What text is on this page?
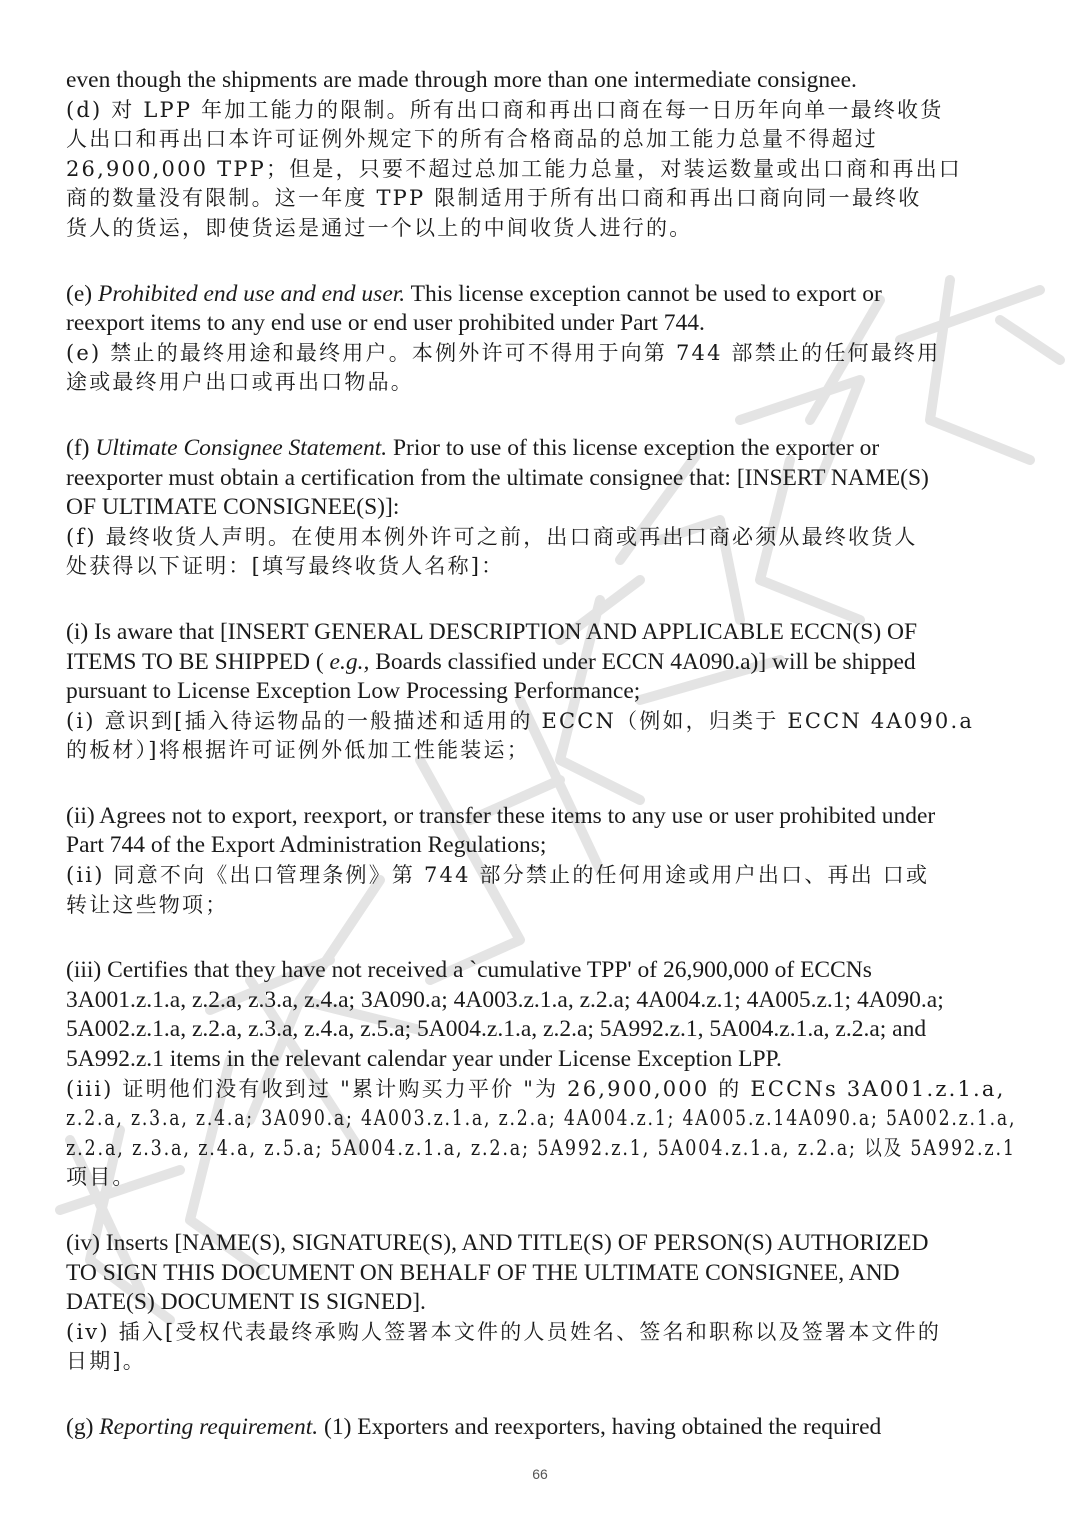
even though the shipments are made through more than one intermediate consignee.
(d) 对 LPP 年加工能力的限制。所有出口商和再出口商在每一日历年向单一最终收货
人出口和再出口本许可证例外规定下的所有合格商品的总加工能力总量不得超过
26,900,000 TPP；但是，只要不超过总加工能力总量，对装运数量或出口商和再出口
商的数量没有限制。这一年度 TPP 限制适用于所有出口商和再出口商向同一最终收
货人的货运，即使货运是通过一个以上的中间收货人进行的。
(e) Prohibited end use and end user. This license exception cannot be used to export or
reexport items to any end use or end user prohibited under Part 744.
(e) 禁止的最终用途和最终用户。本例外许可不得用于向第 744 部禁止的任何最终用
途或最终用户出口或再出口物品。
(f) Ultimate Consignee Statement. Prior to use of this license exception the exporter or
reexporter must obtain a certification from the ultimate consignee that: [INSERT NAME(S)
OF ULTIMATE CONSIGNEE(S)]:
(f) 最终收货人声明。在使用本例外许可之前，出口商或再出口商必须从最终收货人
处获得以下证明：[填写最终收货人名称]：
(i) Is aware that [INSERT GENERAL DESCRIPTION AND APPLICABLE ECCN(S) OF
ITEMS TO BE SHIPPED ( e.g., Boards classified under ECCN 4A090.a)] will be shipped
pursuant to License Exception Low Processing Performance;
(i) 意识到[插入待运物品的一般描述和适用的 ECCN（例如，归类于 ECCN 4A090.a
的板材）]将根据许可证例外低加工性能装运；
(ii) Agrees not to export, reexport, or transfer these items to any use or user prohibited under
Part 744 of the Export Administration Regulations;
(ii) 同意不向《出口管理条例》第 744 部分禁止的任何用途或用户出口、再出 口或
转让这些物项；
(iii) Certifies that they have not received a `cumulative TPP' of 26,900,000 of ECCNs
3A001.z.1.a, z.2.a, z.3.a, z.4.a; 3A090.a; 4A003.z.1.a, z.2.a; 4A004.z.1; 4A005.z.1; 4A090.a;
5A002.z.1.a, z.2.a, z.3.a, z.4.a, z.5.a; 5A004.z.1.a, z.2.a; 5A992.z.1, 5A004.z.1.a, z.2.a; and
5A992.z.1 items in the relevant calendar year under License Exception LPP.
(iii) 证明他们没有收到过 "累计购买力平价 "为 26,900,000 的 ECCNs 3A001.z.1.a,
z.2.a, z.3.a, z.4.a; 3A090.a; 4A003.z.1.a, z.2.a; 4A004.z.1; 4A005.z.14A090.a; 5A002.z.1.a,
z.2.a, z.3.a, z.4.a, z.5.a; 5A004.z.1.a, z.2.a; 5A992.z.1, 5A004.z.1.a, z.2.a; 以及 5A992.z.1
项目。
(iv) Inserts [NAME(S), SIGNATURE(S), AND TITLE(S) OF PERSON(S) AUTHORIZED
TO SIGN THIS DOCUMENT ON BEHALF OF THE ULTIMATE CONSIGNEE, AND
DATE(S) DOCUMENT IS SIGNED].
(iv) 插入[受权代表最终承购人签署本文件的人员姓名、签名和职称以及签署本文件的
日期]。
(g) Reporting requirement. (1) Exporters and reexporters, having obtained the required
66
